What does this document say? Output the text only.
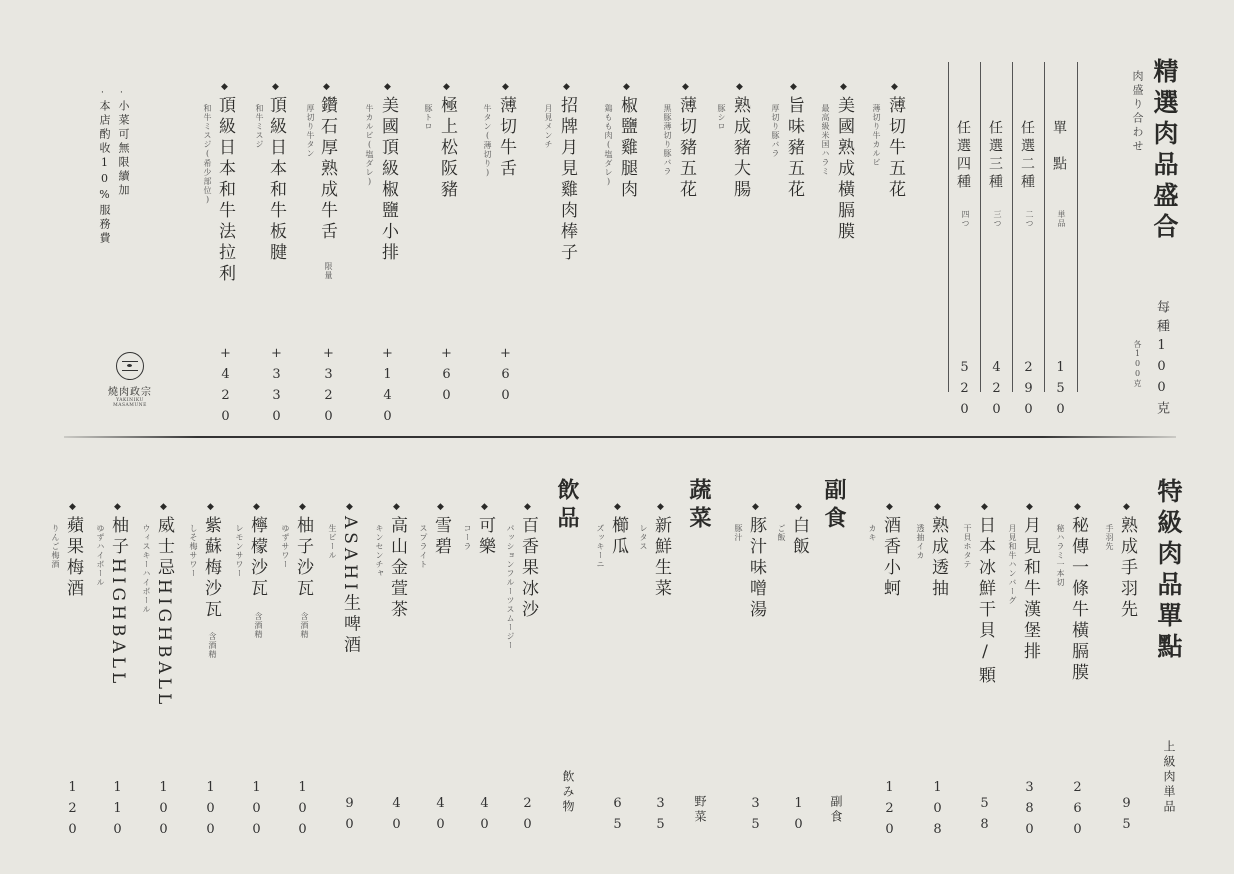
精選肉品盛合
肉盛り合わせ
每種100克
各100克
單　點
単品
150
任選二種
二つ
290
任選三種
三つ
420
任選四種
四つ
520
◆
薄切牛五花
薄切り牛カルビ
◆
美國熟成橫膈膜
最高級米国ハラミ
◆
旨味豬五花
厚切り豚バラ
◆
熟成豬大腸
豚シロ
◆
薄切豬五花
黒豚薄切り豚バラ
◆
椒鹽雞腿肉
鶏もも肉(塩ダレ)
◆
招牌月見雞肉棒子
月見メンチ
◆
薄切牛舌
牛タン(薄切り)
+60
◆
極上松阪豬
豚トロ
+60
◆
美國頂級椒鹽小排
牛カルビ(塩ダレ)
+140
◆
鑽石厚熟成牛舌
厚切り牛タン
限量
+320
◆
頂級日本和牛板腱
和牛ミスジ
+330
◆
頂級日本和牛法拉利
和牛ミスジ(希少部位)
+420
·
小菜可無限續加
·
本店酌收10%服務費
燒肉政宗
YAKINIKU MASAMUNE
特級肉品單點
上級肉単品
◆
熟成手羽先
手羽先
95
◆
秘傳一條牛橫膈膜
秘ハラミ一本切
260
◆
月見和牛漢堡排
月見和牛ハンバーグ
380
◆
日本冰鮮干貝/顆
干貝ホタテ
58
◆
熟成透抽
透抽イカ
108
◆
酒香小蚵
カキ
120
副食
副食
◆
白飯
ご飯
10
◆
豚汁味噌湯
豚汁
35
蔬菜
野菜
◆
新鮮生菜
レタス
35
◆
櫛瓜
ズッキーニ
65
飲品
飲み物
◆
百香果冰沙
パッションフルーツスムージー
20
◆
可樂
コーラ
40
◆
雪碧
スプライト
40
◆
高山金萱茶
キンセンチャ
40
◆
ASAHI生啤酒
生ビール
90
◆
柚子沙瓦
ゆずサワー
含酒精
100
◆
檸檬沙瓦
レモンサワー
含酒精
100
◆
紫蘇梅沙瓦
しそ梅サワー
含酒精
100
◆
威士忌HIGHBALL
ウィスキーハイボール
100
◆
柚子HIGHBALL
ゆずハイボール
110
◆
蘋果梅酒
りんご梅酒
120
